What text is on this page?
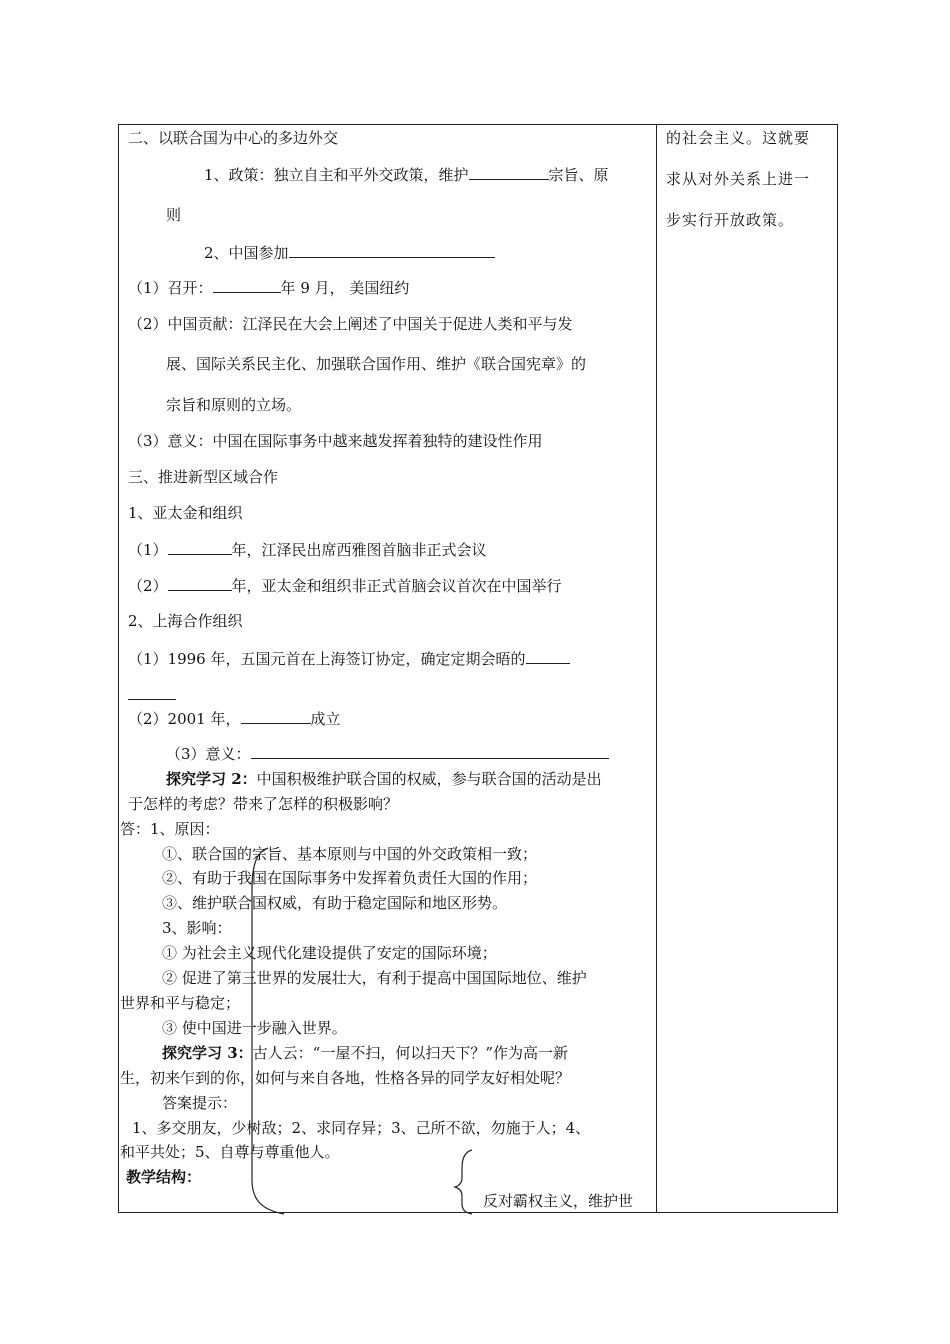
二、以联合国为中心的多边外交
1、政策：独立自主和平外交政策，维护	宗旨、原
则
2、中国参加
（1）召开：	年 9 月， 美国纽约
（2）中国贡献：江泽民在大会上阐述了中国关于促进人类和平与发
展、国际关系民主化、加强联合国作用、维护《联合国宪章》的
宗旨和原则的立场。
（3）意义：中国在国际事务中越来越发挥着独特的建设性作用
三、推进新型区域合作
1、亚太金和组织
（1）	年，江泽民出席西雅图首脑非正式会议
（2）	年，亚太金和组织非正式首脑会议首次在中国举行
2、上海合作组织
（1）1996 年，五国元首在上海签订协定，确定定期会晤的
（2）2001 年，	成立
（3）意义：
探究学习 2：中国积极维护联合国的权威，参与联合国的活动是出
于怎样的考虑？带来了怎样的积极影响？
答：1、原因：
①、联合国的宗旨、基本原则与中国的外交政策相一致；
②、有助于我国在国际事务中发挥着负责任大国的作用；
③、维护联合国权威，有助于稳定国际和地区形势。
3、影响：
① 为社会主义现代化建设提供了安定的国际环境；
② 促进了第三世界的发展壮大，有利于提高中国国际地位、维护
世界和平与稳定；
③ 使中国进一步融入世界。
探究学习 3：古人云：“一屋不扫，何以扫天下？”作为高一新
生，初来乍到的你，如何与来自各地，性格各异的同学友好相处呢？
答案提示：
1、多交朋友，少树敌；2、求同存异；3、己所不欲，勿施于人；4、
和平共处；5、自尊与尊重他人。
教学结构：
反对霸权主义，维护世
的社会主义。这就要
求从对外关系上进一
步实行开放政策。
